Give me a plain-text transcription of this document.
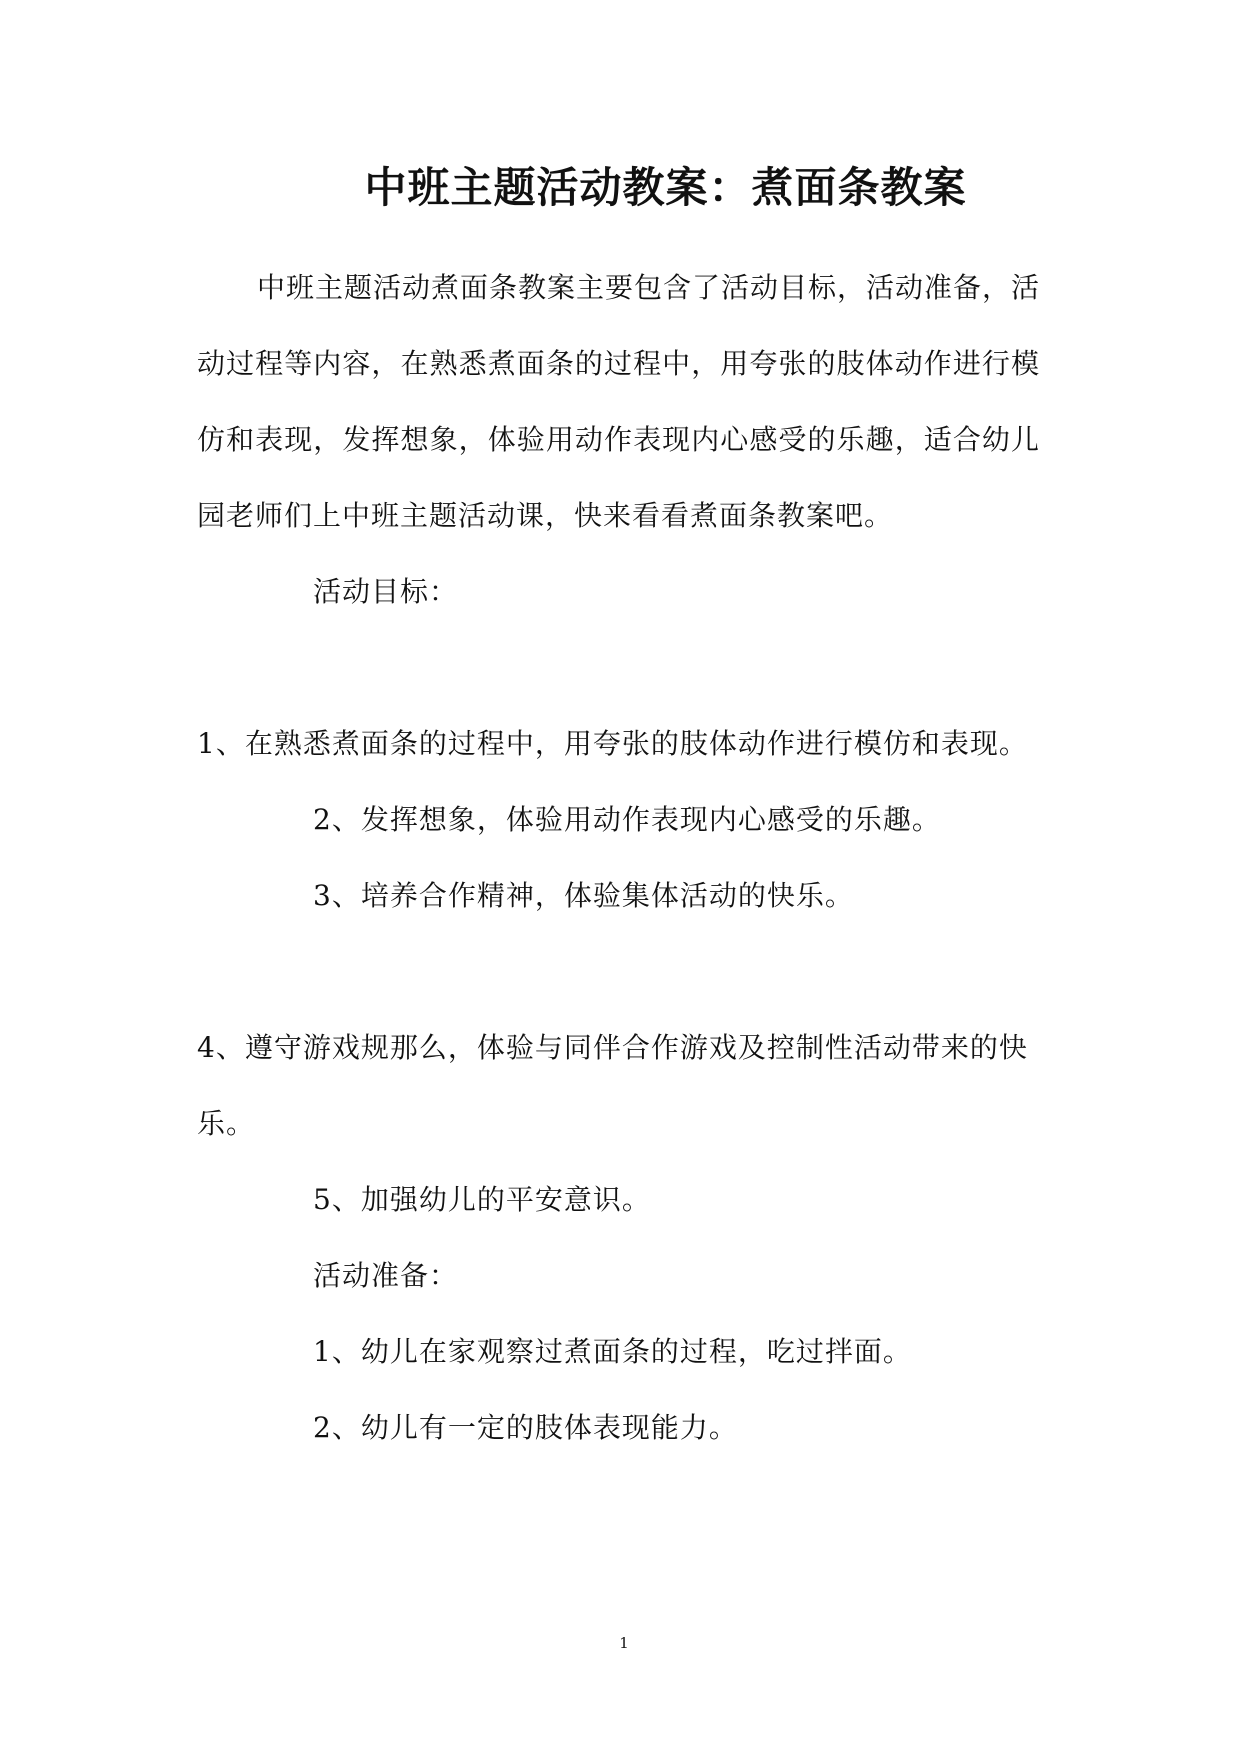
中班主题活动教案：煮面条教案
中班主题活动煮面条教案主要包含了活动目标，活动准备，活
动过程等内容，在熟悉煮面条的过程中，用夸张的肢体动作进行模
仿和表现，发挥想象，体验用动作表现内心感受的乐趣，适合幼儿
园老师们上中班主题活动课，快来看看煮面条教案吧。
活动目标：
1、在熟悉煮面条的过程中，用夸张的肢体动作进行模仿和表现。
2、发挥想象，体验用动作表现内心感受的乐趣。
3、培养合作精神，体验集体活动的快乐。
4、遵守游戏规那么，体验与同伴合作游戏及控制性活动带来的快
乐。
5、加强幼儿的平安意识。
活动准备：
1、幼儿在家观察过煮面条的过程，吃过拌面。
2、幼儿有一定的肢体表现能力。
1
